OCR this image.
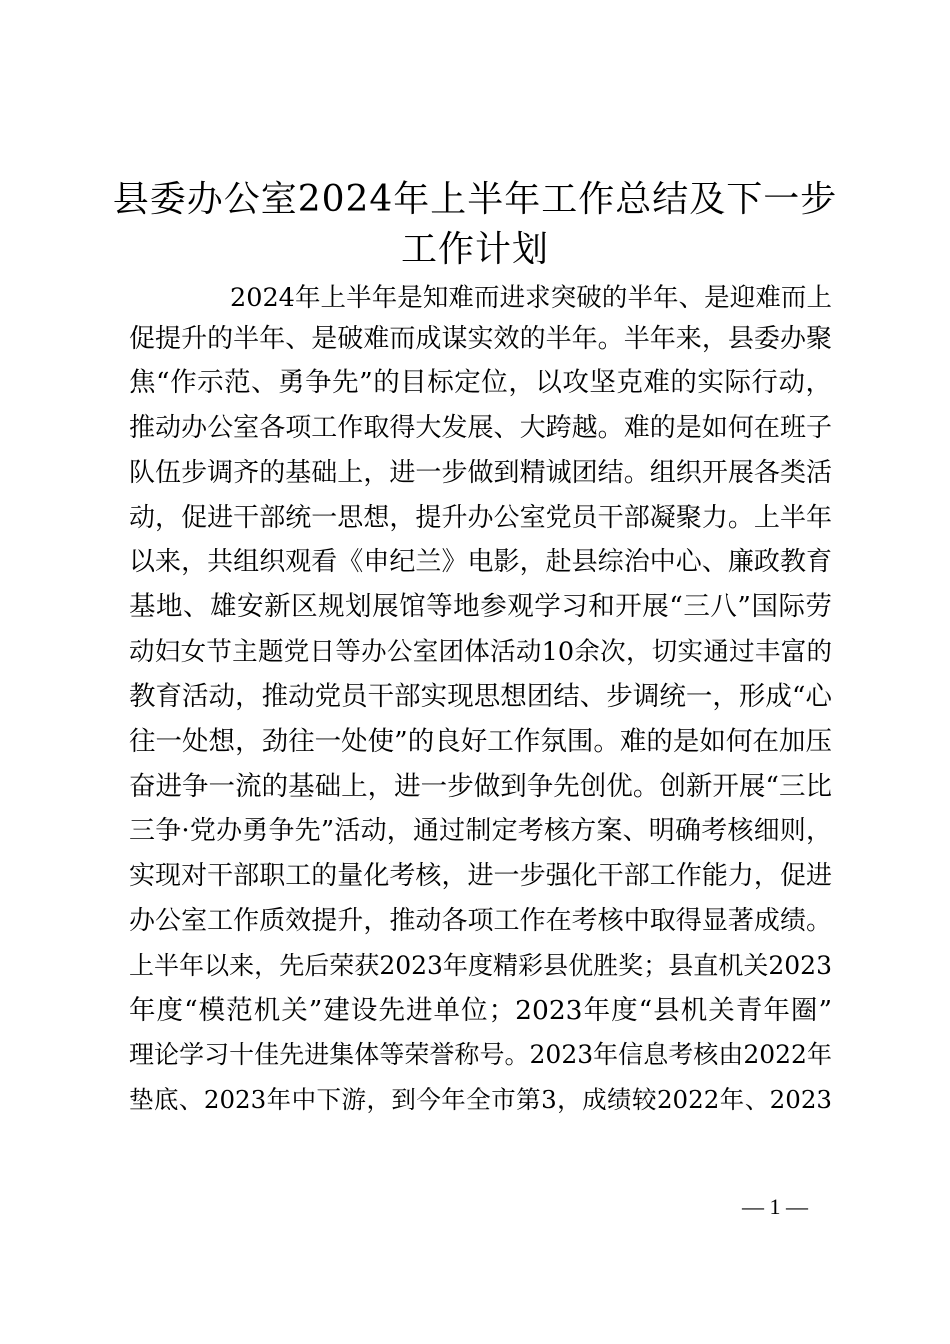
县委办公室2024年上半年工作总结及下一步
工作计划
2024年上半年是知难而进求突破的半年、是迎难而上
促提升的半年、是破难而成谋实效的半年。半年来，县委办聚
焦“作示范、勇争先”的目标定位，以攻坚克难的实际行动，
推动办公室各项工作取得大发展、大跨越。难的是如何在班子
队伍步调齐的基础上，进一步做到精诚团结。组织开展各类活
动，促进干部统一思想，提升办公室党员干部凝聚力。上半年
以来，共组织观看《申纪兰》电影，赴县综治中心、廉政教育
基地、雄安新区规划展馆等地参观学习和开展“三八”国际劳
动妇女节主题党日等办公室团体活动10余次，切实通过丰富的
教育活动，推动党员干部实现思想团结、步调统一，形成“心
往一处想，劲往一处使”的良好工作氛围。难的是如何在加压
奋进争一流的基础上，进一步做到争先创优。创新开展“三比
三争·党办勇争先”活动，通过制定考核方案、明确考核细则，
实现对干部职工的量化考核，进一步强化干部工作能力，促进
办公室工作质效提升，推动各项工作在考核中取得显著成绩。
上半年以来，先后荣获2023年度精彩县优胜奖；县直机关2023
年度“模范机关”建设先进单位；2023年度“县机关青年圈”
理论学习十佳先进集体等荣誉称号。2023年信息考核由2022年
垫底、2023年中下游，到今年全市第3，成绩较2022年、2023
— 1 —
